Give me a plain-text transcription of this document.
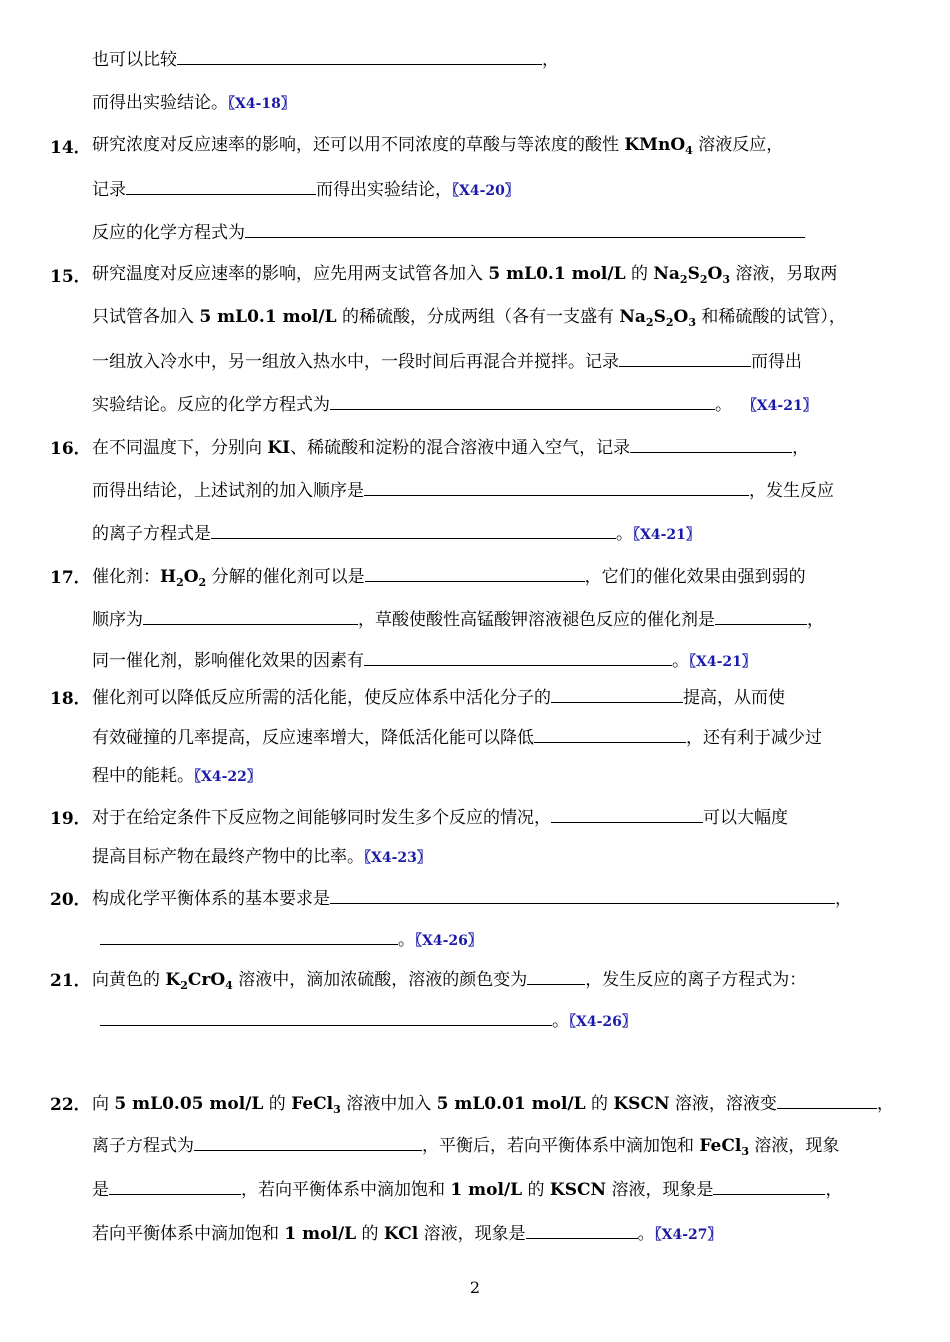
也可以比较	，
而得出实验结论。〖X4-18〗
14． 研究浓度对反应速率的影响，还可以用不同浓度的草酸与等浓度的酸性 KMnO$_4$ 溶液反应，
记录	而得出实验结论，〖X4-20〗
反应的化学方程式为
15． 研究温度对反应速率的影响，应先用两支试管各加入 5 mL0.1 mol/L 的 $Na_2S_2O_3$ 溶液，另取两
只试管各加入 5 mL0.1 mol/L 的稀硫酸，分成两组（各有一支盛有 $Na_2S_2O_3$ 和稀硫酸的试管），
一组放入冷水中，另一组放入热水中，一段时间后再混合并搅拌。记录	而得出
实验结论。反应的化学方程式为	。 〖X4-21〗
16． 在不同温度下，分别向 KI、稀硫酸和淀粉的混合溶液中通入空气，记录	，
而得出结论，上述试剂的加入顺序是	，发生反应
的离子方程式是	。〖X4-21〗
17． 催化剂：$H_2O_2$ 分解的催化剂可以是	，它们的催化效果由强到弱的
顺序为	，草酸使酸性高锰酸钾溶液褪色反应的催化剂是	，
同一催化剂，影响催化效果的因素有	。〖X4-21〗
18． 催化剂可以降低反应所需的活化能，使反应体系中活化分子的	提高，从而使
有效碰撞的几率提高，反应速率增大，降低活化能可以降低	，还有利于减少过
程中的能耗。〖X4-22〗
19． 对于在给定条件下反应物之间能够同时发生多个反应的情况，	可以大幅度
提高目标产物在最终产物中的比率。〖X4-23〗
20． 构成化学平衡体系的基本要求是	，
。〖X4-26〗
21． 向黄色的 $K_2CrO_4$ 溶液中，滴加浓硫酸，溶液的颜色变为	，发生反应的离子方程式为：
。〖X4-26〗
22． 向 5 mL0.05 mol/L 的 FeCl$_3$ 溶液中加入 5 mL0.01 mol/L 的 KSCN 溶液，溶液变	，
离子方程式为	，平衡后，若向平衡体系中滴加饱和 FeCl$_3$ 溶液，现象
是	，若向平衡体系中滴加饱和 1 mol/L 的 KSCN 溶液，现象是	，
若向平衡体系中滴加饱和 1 mol/L 的 KCl 溶液，现象是	。〖X4-27〗
2
